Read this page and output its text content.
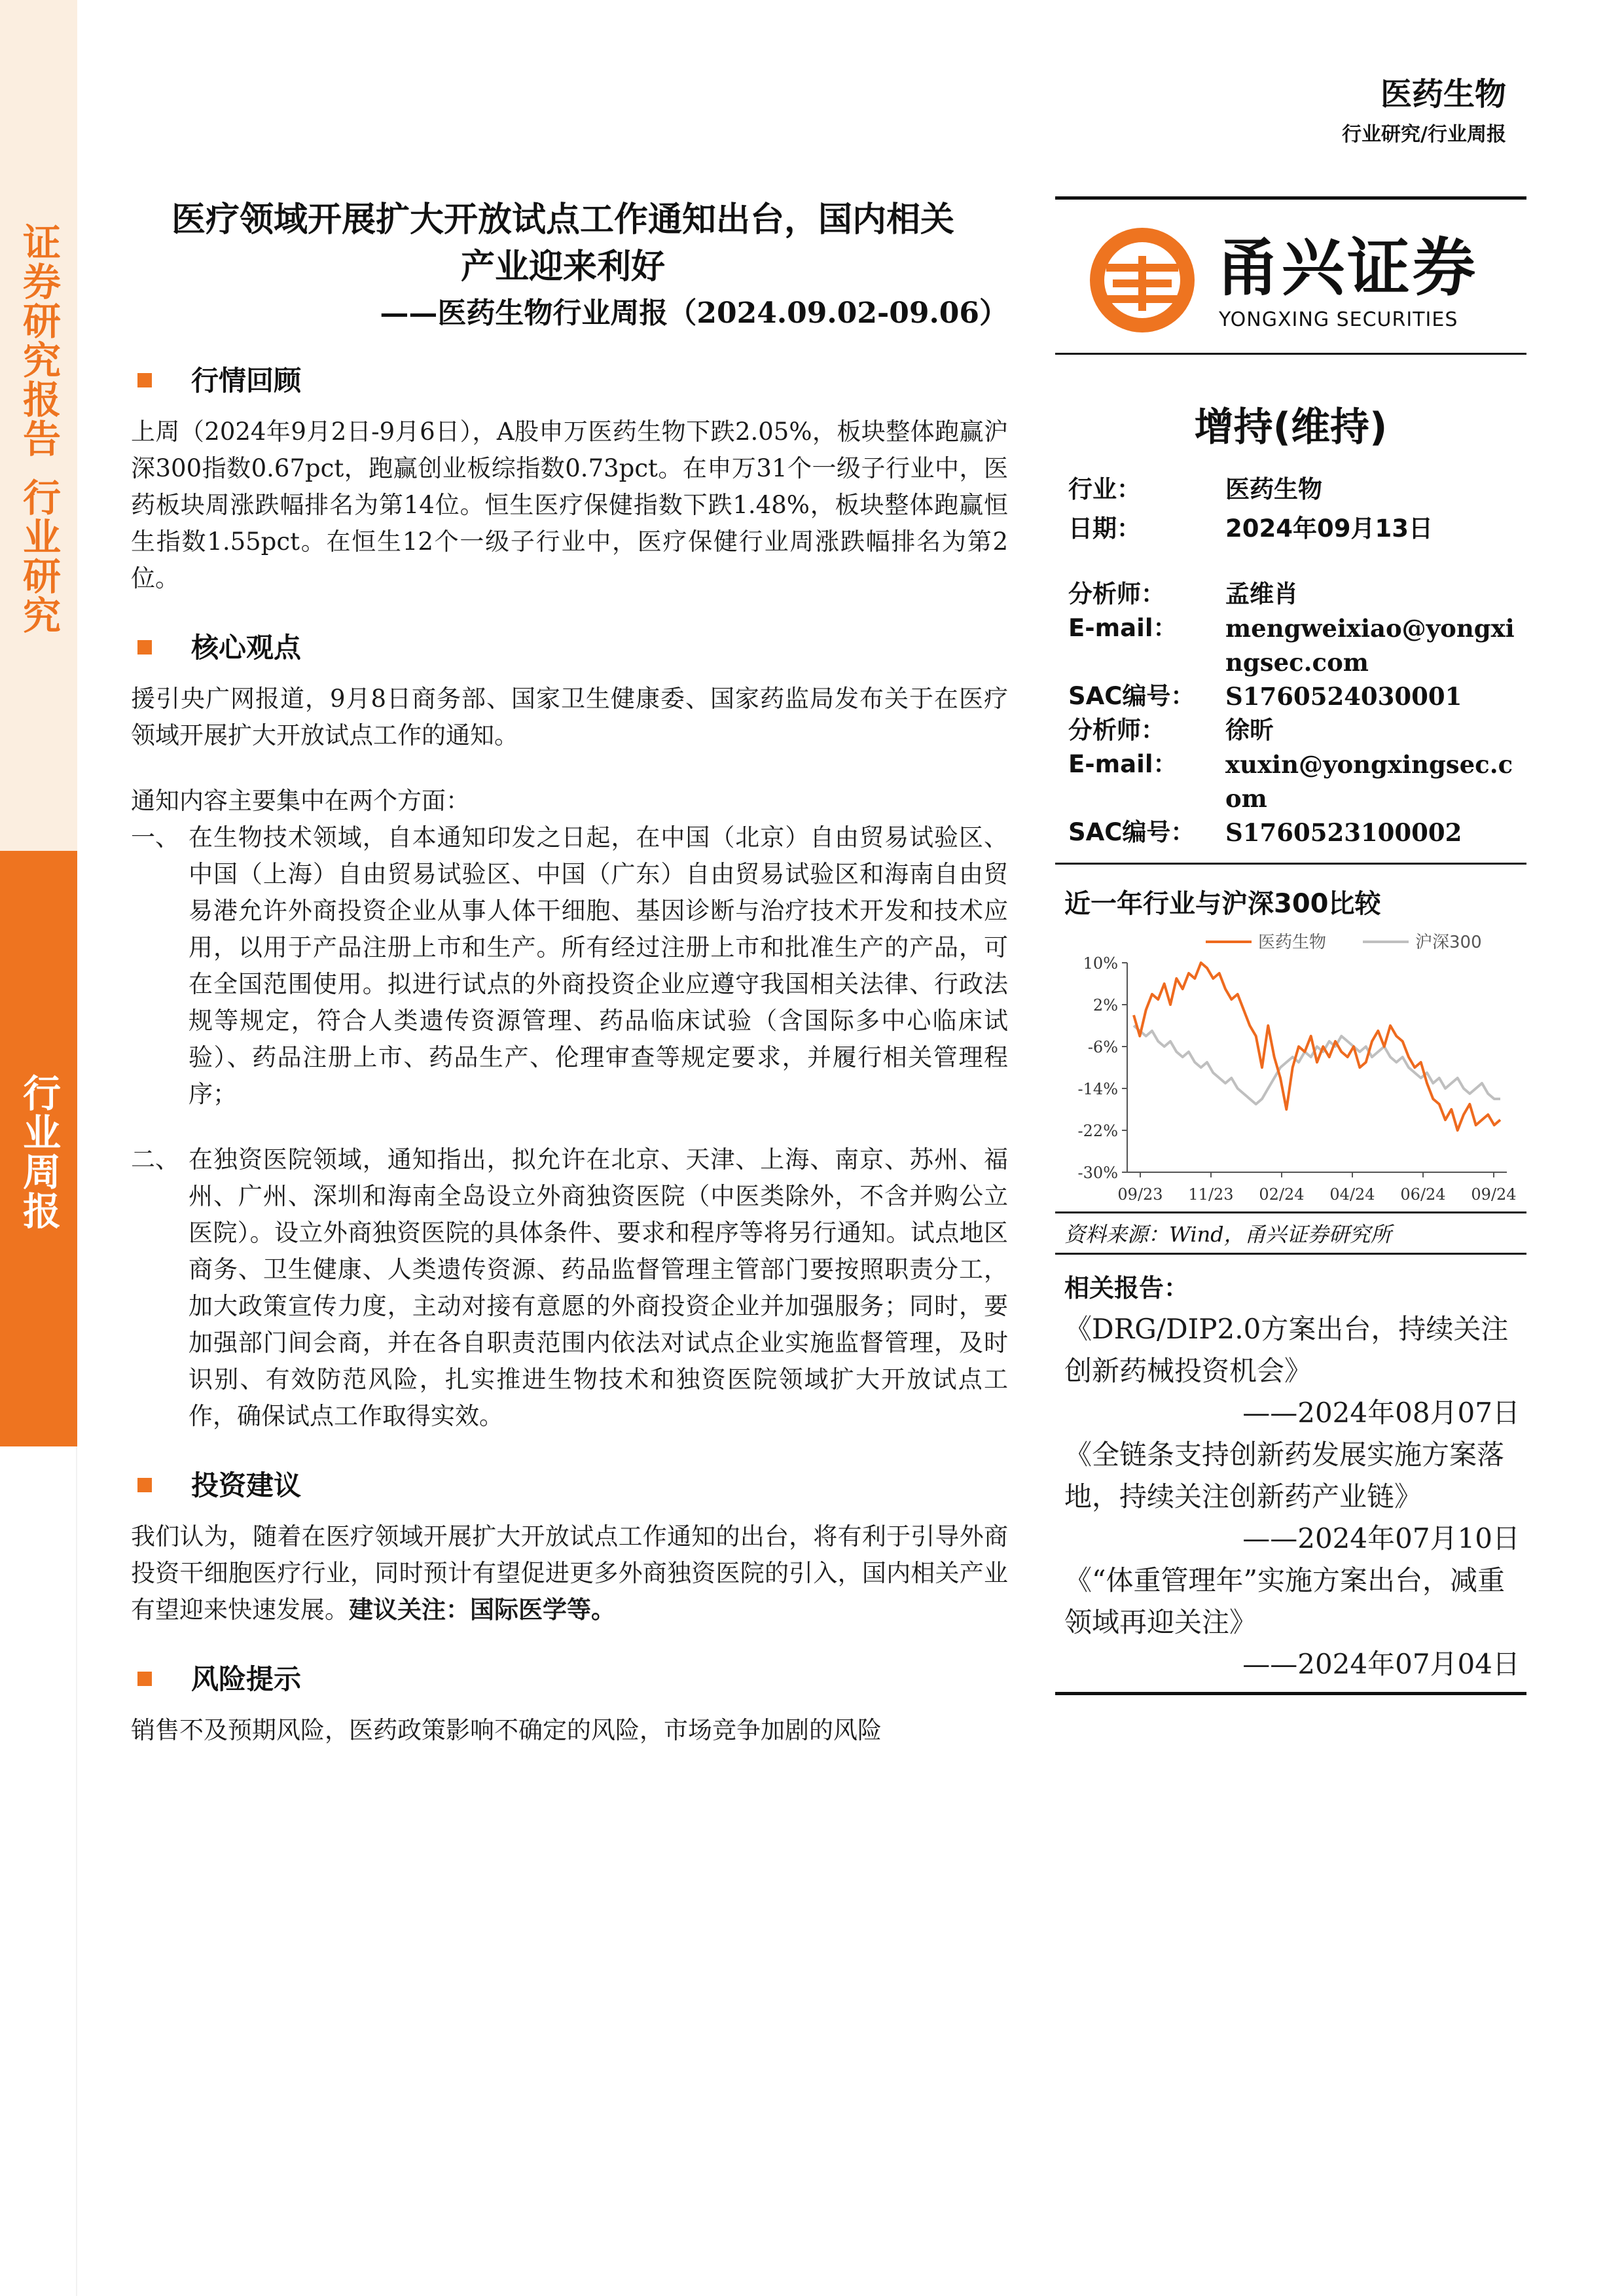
证券研究报告
行业研究
行业周报
医药生物
行业研究/行业周报
医疗领域开展扩大开放试点工作通知出台，国内相关
产业迎来利好
——医药生物行业周报（2024.09.02-09.06）
行情回顾
上周（2024年9月2日-9月6日），A股申万医药生物下跌2.05%，板块整体跑赢沪深300指数0.67pct，跑赢创业板综指数0.73pct。在申万31个一级子行业中，医药板块周涨跌幅排名为第14位。恒生医疗保健指数下跌1.48%，板块整体跑赢恒生指数1.55pct。在恒生12个一级子行业中，医疗保健行业周涨跌幅排名为第2位。
核心观点
援引央广网报道，9月8日商务部、国家卫生健康委、国家药监局发布关于在医疗领域开展扩大开放试点工作的通知。
通知内容主要集中在两个方面：
一、 在生物技术领域，自本通知印发之日起，在中国（北京）自由贸易试验区、中国（上海）自由贸易试验区、中国（广东）自由贸易试验区和海南自由贸易港允许外商投资企业从事人体干细胞、基因诊断与治疗技术开发和技术应用，以用于产品注册上市和生产。所有经过注册上市和批准生产的产品，可在全国范围使用。拟进行试点的外商投资企业应遵守我国相关法律、行政法规等规定，符合人类遗传资源管理、药品临床试验（含国际多中心临床试验）、药品注册上市、药品生产、伦理审查等规定要求，并履行相关管理程序；
二、 在独资医院领域，通知指出，拟允许在北京、天津、上海、南京、苏州、福州、广州、深圳和海南全岛设立外商独资医院（中医类除外，不含并购公立医院）。设立外商独资医院的具体条件、要求和程序等将另行通知。试点地区商务、卫生健康、人类遗传资源、药品监督管理主管部门要按照职责分工，加大政策宣传力度，主动对接有意愿的外商投资企业并加强服务；同时，要加强部门间会商，并在各自职责范围内依法对试点企业实施监督管理，及时识别、有效防范风险，扎实推进生物技术和独资医院领域扩大开放试点工作，确保试点工作取得实效。
投资建议
我们认为，随着在医疗领域开展扩大开放试点工作通知的出台，将有利于引导外商投资干细胞医疗行业，同时预计有望促进更多外商独资医院的引入，国内相关产业有望迎来快速发展。建议关注：国际医学等。
风险提示
销售不及预期风险，医药政策影响不确定的风险，市场竞争加剧的风险
甬兴证券
YONGXING SECURITIES
增持(维持)
行业：	医药生物
日期：	2024年09月13日
分析师： 孟维肖
E-mail： mengweixiao@yongxingsec.com
SAC编号： S1760524030001
分析师： 徐昕
E-mail： xuxin@yongxingsec.com
SAC编号： S1760523100002
近一年行业与沪深300比较
10%
2%
-6%
-14%
-22%
-30%
09/23 11/23 02/24 04/24 06/24 09/24
医药生物	沪深300
资料来源：Wind，甬兴证券研究所
相关报告：
《DRG/DIP2.0方案出台，持续关注创新药械投资机会》
——2024年08月07日
《全链条支持创新药发展实施方案落地，持续关注创新药产业链》
——2024年07月10日
《“体重管理年”实施方案出台，减重领域再迎关注》
——2024年07月04日
